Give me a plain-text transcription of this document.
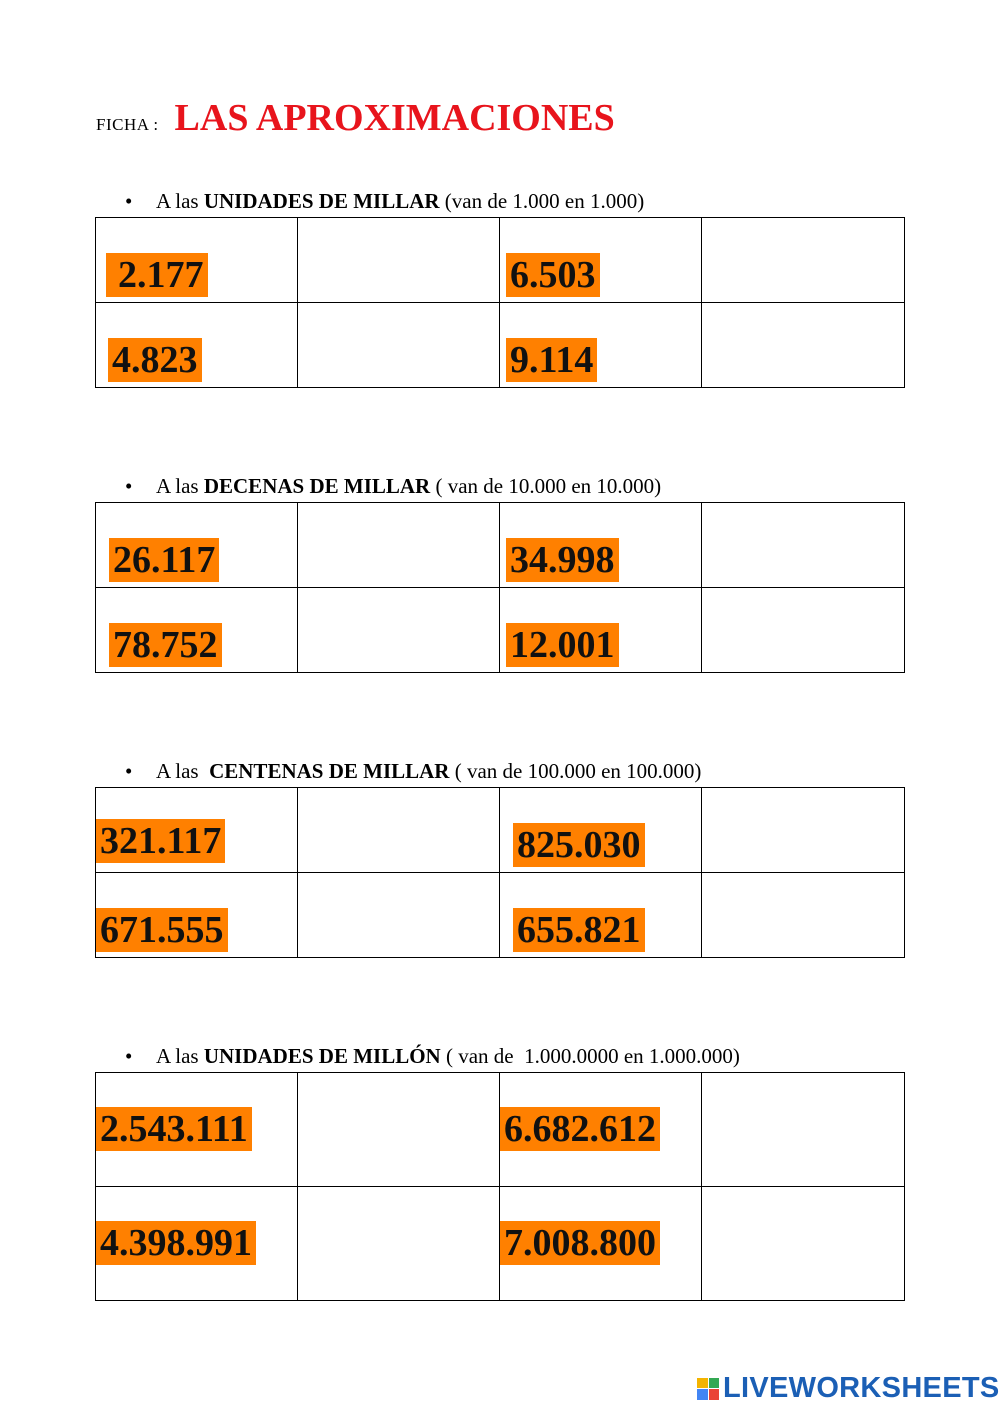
FICHA : LAS APROXIMACIONES
• A las UNIDADES DE MILLAR (van de 1.000 en 1.000)
2.177		6.503	

4.823		9.114	

• A las DECENAS DE MILLAR ( van de 10.000 en 10.000)
26.117		34.998	

78.752		12.001	

• A las CENTENAS DE MILLAR ( van de 100.000 en 100.000)
321.117		825.030	

671.555		655.821	

• A las UNIDADES DE MILLÓN ( van de  1.000.0000 en 1.000.000)
2.543.111		6.682.612	

4.398.991		7.008.800	

LIVEWORKSHEETS
